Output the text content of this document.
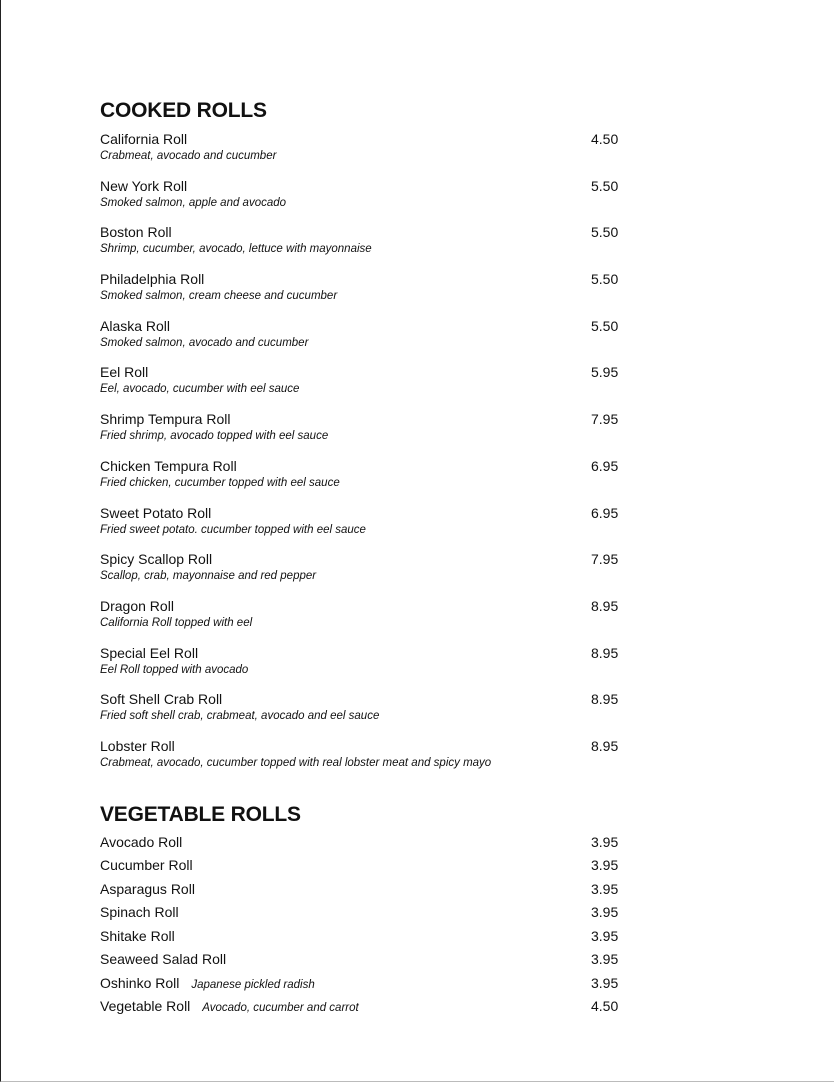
COOKED ROLLS
California Roll	4.50
Crabmeat, avocado and cucumber
New York Roll	5.50
Smoked salmon, apple and avocado
Boston Roll	5.50
Shrimp, cucumber, avocado, lettuce with mayonnaise
Philadelphia Roll	5.50
Smoked salmon, cream cheese and cucumber
Alaska Roll	5.50
Smoked salmon, avocado and cucumber
Eel Roll	5.95
Eel, avocado, cucumber with eel sauce
Shrimp Tempura Roll	7.95
Fried shrimp, avocado topped with eel sauce
Chicken Tempura Roll	6.95
Fried chicken, cucumber topped with eel sauce
Sweet Potato Roll	6.95
Fried sweet potato. cucumber topped with eel sauce
Spicy Scallop Roll	7.95
Scallop, crab, mayonnaise and red pepper
Dragon Roll	8.95
California Roll topped with eel
Special Eel Roll	8.95
Eel Roll topped with avocado
Soft Shell Crab Roll	8.95
Fried soft shell crab, crabmeat, avocado and eel sauce
Lobster Roll	8.95
Crabmeat, avocado, cucumber topped with real lobster meat and spicy mayo
VEGETABLE ROLLS
Avocado Roll	3.95
Cucumber Roll	3.95
Asparagus Roll	3.95
Spinach Roll	3.95
Shitake Roll	3.95
Seaweed Salad Roll	3.95
Oshinko Roll Japanese pickled radish	3.95
Vegetable Roll Avocado, cucumber and carrot	4.50
